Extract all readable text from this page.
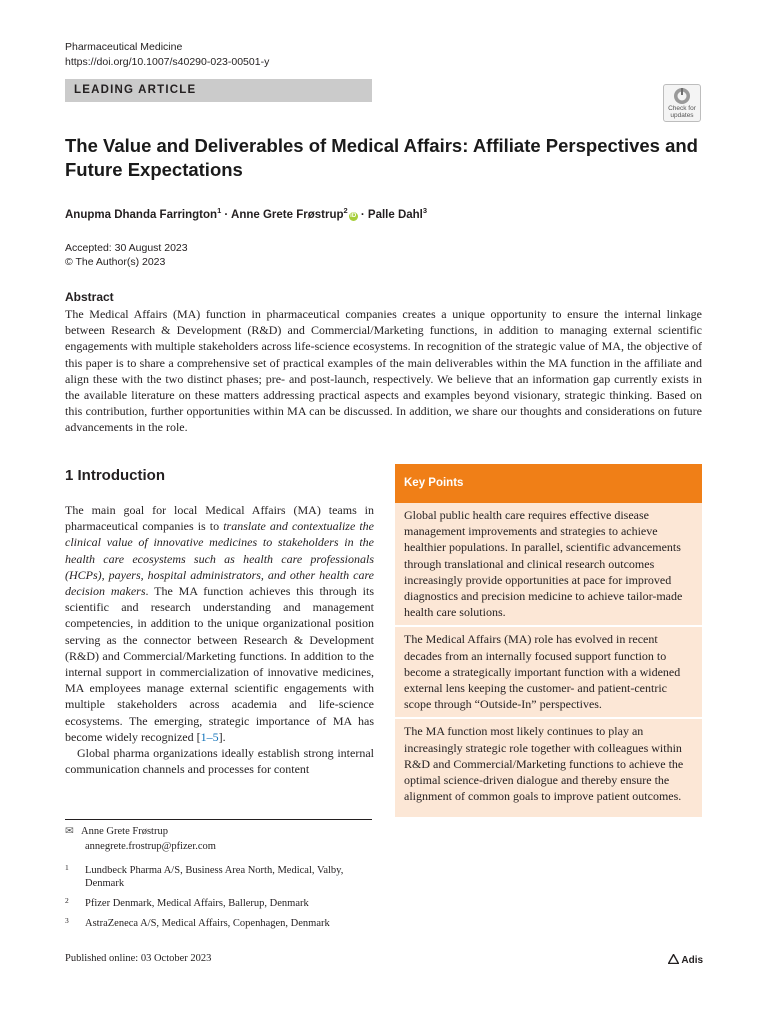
Pharmaceutical Medicine
https://doi.org/10.1007/s40290-023-00501-y
LEADING ARTICLE
Check for updates
The Value and Deliverables of Medical Affairs: Affiliate Perspectives and Future Expectations
Anupma Dhanda Farrington$^1$ · Anne Grete Frøstrup$^2$iD · Palle Dahl$^3$
Accepted: 30 August 2023
© The Author(s) 2023
Abstract

The Medical Affairs (MA) function in pharmaceutical companies creates a unique opportunity to ensure the internal linkage between Research & Development (R&D) and Commercial/Marketing functions, in addition to managing external scientific engagements with multiple stakeholders across life-science ecosystems. In recognition of the strategic value of MA, the objective of this paper is to share a comprehensive set of practical examples of the main deliverables within the MA function in the affiliate and align these with the two distinct phases; pre- and post-launch, respectively. We believe that an information gap currently exists in the available literature on these matters addressing practical aspects and examples beyond visionary, strategic thinking. Based on this contribution, further opportunities within MA can be discussed. In addition, we share our thoughts and considerations on future advancements in the role.

1 Introduction

The main goal for local Medical Affairs (MA) teams in pharmaceutical companies is to translate and contextualize the clinical value of innovative medicines to stakeholders in the health care ecosystems such as health care professionals (HCPs), payers, hospital administrators, and other health care decision makers. The MA function achieves this through its scientific and research understanding and management competencies, in addition to the unique organizational position serving as the connector between Research & Development (R&D) and Commercial/Marketing functions. In addition to the internal support in commercialization of innovative medicines, MA employees manage external scientific engagements with multiple stakeholders across academia and life-science ecosystems. The emerging, strategic importance of MA has become widely recognized [1–5].

Global pharma organizations ideally establish strong internal communication channels and processes for content

Key Points
Global public health care requires effective disease management improvements and strategies to achieve healthier populations. In parallel, scientific advancements through translational and clinical research outcomes increasingly provide opportunities at pace for improved diagnostics and precision medicine to achieve tailor-made health care solutions.
The Medical Affairs (MA) role has evolved in recent decades from an internally focused support function to become a strategically important function with a widened external lens keeping the customer- and patient-centric scope through “Outside-In” perspectives.
The MA function most likely continues to play an increasingly strategic role together with colleagues within R&D and Commercial/Marketing functions to achieve the optimal science-driven dialogue and thereby ensure the alignment of common goals to improve patient outcomes.
✉ Anne Grete Frøstrup
annegrete.frostrup@pfizer.com
1 Lundbeck Pharma A/S, Business Area North, Medical, Valby, Denmark
2 Pfizer Denmark, Medical Affairs, Ballerup, Denmark
3 AstraZeneca A/S, Medical Affairs, Copenhagen, Denmark
Published online: 03 October 2023	Adis
